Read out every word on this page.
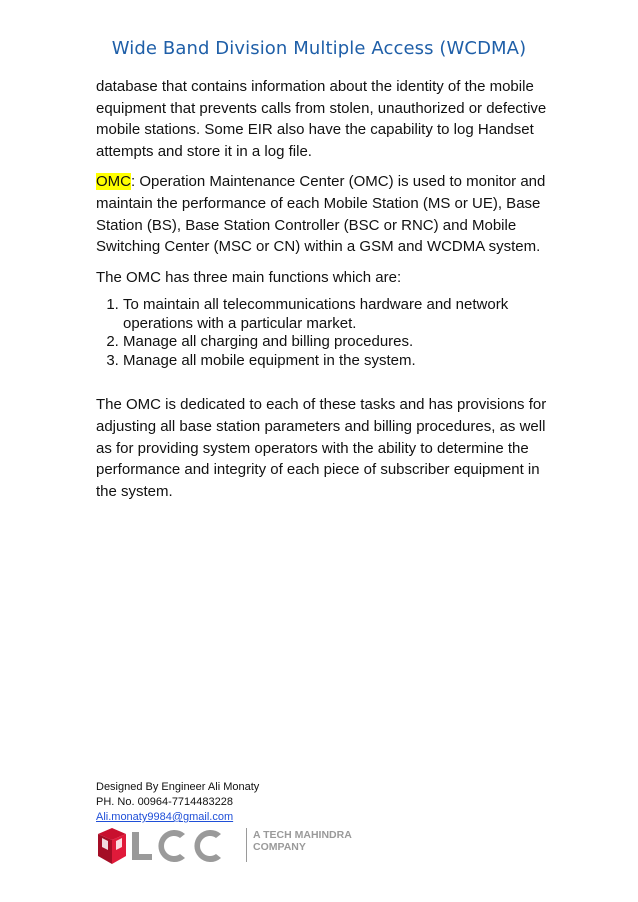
Wide Band Division Multiple Access (WCDMA)

database that contains information about the identity of the mobile equipment that prevents calls from stolen, unauthorized or defective mobile stations. Some EIR also have the capability to log Handset attempts and store it in a log file.

OMC: Operation Maintenance Center (OMC) is used to monitor and maintain the performance of each Mobile Station (MS or UE), Base Station (BS), Base Station Controller (BSC or RNC) and Mobile Switching Center (MSC or CN) within a GSM and WCDMA system.

The OMC has three main functions which are:

1. To maintain all telecommunications hardware and network operations with a particular market.
2. Manage all charging and billing procedures.
3. Manage all mobile equipment in the system.

The OMC is dedicated to each of these tasks and has provisions for adjusting all base station parameters and billing procedures, as well as for providing system operators with the ability to determine the performance and integrity of each piece of subscriber equipment in the system.

Designed By Engineer Ali Monaty
PH. No. 00964-7714483228
Ali.monaty9984@gmail.com
A TECH MAHINDRA
COMPANY
